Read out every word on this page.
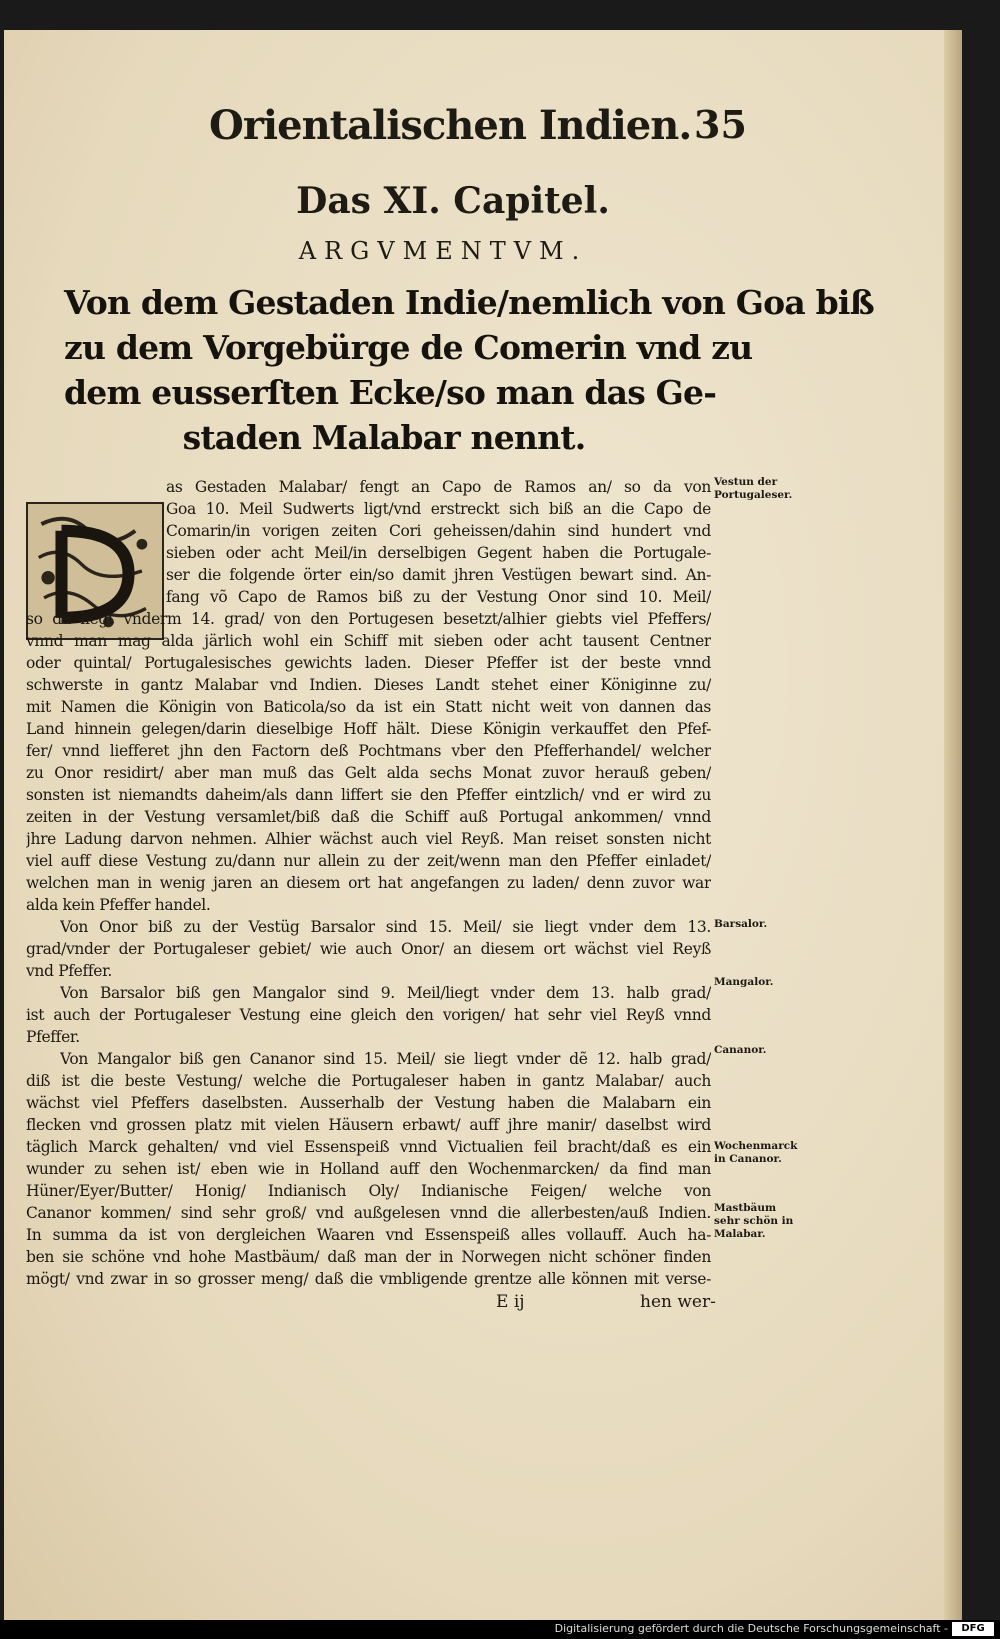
Orientalischen Indien. 35
Das XI. Capitel.
ARGVMENTVM.
Von dem Gestaden Indie/nemlich von Goa biß
zu dem Vorgebürge de Comerin vnd zu
dem eusserſten Ecke/so man das Ge-
staden Malabar nennt.
as Gestaden Malabar/ fengt an Capo de Ramos an/ so da von
Goa 10. Meil Sudwerts ligt/vnd erstreckt sich biß an die Capo de
Comarin/in vorigen zeiten Cori geheissen/dahin sind hundert vnd
sieben oder acht Meil/in derselbigen Gegent haben die Portugale-
ser die folgende örter ein/so damit jhren Vestügen bewart sind. An-
fang võ Capo de Ramos biß zu der Vestung Onor sind 10. Meil/
so da liegt vnderm 14. grad/ von den Portugesen besetzt/alhier giebts viel Pfeffers/
vnnd man mag alda järlich wohl ein Schiff mit sieben oder acht tausent Centner
oder quintal/ Portugalesisches gewichts laden. Dieser Pfeffer ist der beste vnnd
schwerste in gantz Malabar vnd Indien. Dieses Landt stehet einer Königinne zu/
mit Namen die Königin von Baticola/so da ist ein Statt nicht weit von dannen das
Land hinnein gelegen/darin dieselbige Hoff hält. Diese Königin verkauffet den Pfef-
fer/ vnnd liefferet jhn den Factorn deß Pochtmans vber den Pfefferhandel/ welcher
zu Onor residirt/ aber man muß das Gelt alda sechs Monat zuvor herauß geben/
sonsten ist niemandts daheim/als dann liffert sie den Pfeffer eintzlich/ vnd er wird zu
zeiten in der Vestung versamlet/biß daß die Schiff auß Portugal ankommen/ vnnd
jhre Ladung darvon nehmen. Alhier wächst auch viel Reyß. Man reiset sonsten nicht
viel auff diese Vestung zu/dann nur allein zu der zeit/wenn man den Pfeffer einladet/
welchen man in wenig jaren an diesem ort hat angefangen zu laden/ denn zuvor war
alda kein Pfeffer handel.
Von Onor biß zu der Vestüg Barsalor sind 15. Meil/ sie liegt vnder dem 13.
grad/vnder der Portugaleser gebiet/ wie auch Onor/ an diesem ort wächst viel Reyß
vnd Pfeffer.
Von Barsalor biß gen Mangalor sind 9. Meil/liegt vnder dem 13. halb grad/
ist auch der Portugaleser Vestung eine gleich den vorigen/ hat sehr viel Reyß vnnd
Pfeffer.
Von Mangalor biß gen Cananor sind 15. Meil/ sie liegt vnder dẽ 12. halb grad/
diß ist die beste Vestung/ welche die Portugaleser haben in gantz Malabar/ auch
wächst viel Pfeffers daselbsten. Ausserhalb der Vestung haben die Malabarn ein
flecken vnd grossen platz mit vielen Häusern erbawt/ auff jhre manir/ daselbst wird
täglich Marck gehalten/ vnd viel Essenspeiß vnnd Victualien feil bracht/daß es ein
wunder zu sehen ist/ eben wie in Holland auff den Wochenmarcken/ da find man
Hüner/Eyer/Butter/ Honig/ Indianisch Oly/ Indianische Feigen/ welche von
Cananor kommen/ sind sehr groß/ vnd außgelesen vnnd die allerbesten/auß Indien.
In summa da ist von dergleichen Waaren vnd Essenspeiß alles vollauff. Auch ha-
ben sie schöne vnd hohe Mastbäum/ daß man der in Norwegen nicht schöner finden
mögt/ vnd zwar in so grosser meng/ daß die vmbligende grentze alle können mit verse-
E ij	hen wer-
Vestun der Portugaleser.
Barsalor.
Mangalor.
Cananor.
Wochenmarck in Cananor.
Mastbäum sehr schön in Malabar.
Digitalisierung gefördert durch die Deutsche Forschungsgemeinschaft -	DFG
